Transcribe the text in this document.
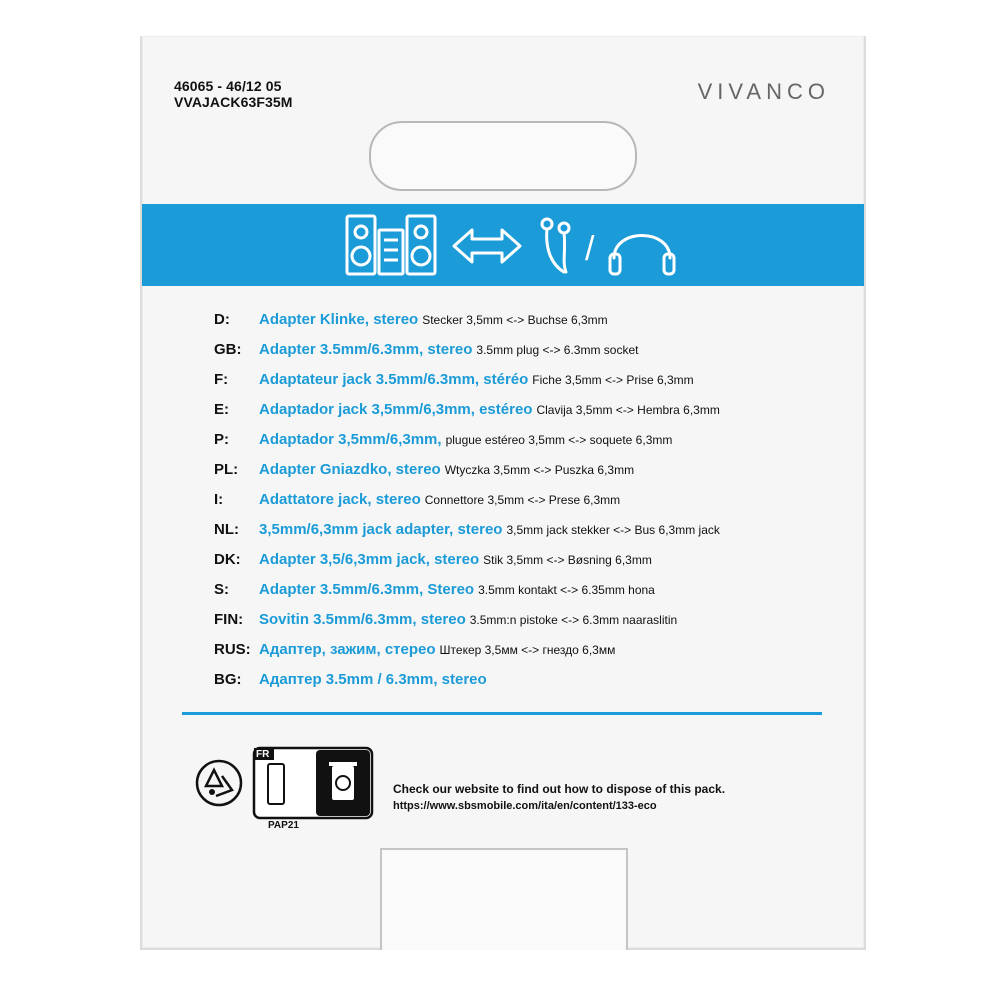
46065 - 46/12 05
VVAJACK63F35M	VIVANCO
/
D: Adapter Klinke, stereo Stecker 3,5mm <-> Buchse 6,3mm
GB: Adapter 3.5mm/6.3mm, stereo 3.5mm plug <-> 6.3mm socket
F: Adaptateur jack 3.5mm/6.3mm, stéréo Fiche 3,5mm <-> Prise 6,3mm
E: Adaptador jack 3,5mm/6,3mm, estéreo Clavija 3,5mm <-> Hembra 6,3mm
P: Adaptador 3,5mm/6,3mm, plugue estéreo 3,5mm <-> soquete 6,3mm
PL: Adapter Gniazdko, stereo Wtyczka 3,5mm <-> Puszka 6,3mm
I: Adattatore jack, stereo Connettore 3,5mm <-> Prese 6,3mm
NL: 3,5mm/6,3mm jack adapter, stereo 3,5mm jack stekker <-> Bus 6,3mm jack
DK: Adapter 3,5/6,3mm jack, stereo Stik 3,5mm <-> Bøsning 6,3mm
S: Adapter 3.5mm/6.3mm, Stereo 3.5mm kontakt <-> 6.35mm hona
FIN: Sovitin 3.5mm/6.3mm, stereo 3.5mm:n pistoke <-> 6.3mm naaraslitin
RUS: Адаптер, зажим, стерео Штекер 3,5мм <-> гнездо 6,3мм
BG: Адаптер 3.5mm / 6.3mm, stereo
FR
PAP21
Check our website to find out how to dispose of this pack.
https://www.sbsmobile.com/ita/en/content/133-eco
